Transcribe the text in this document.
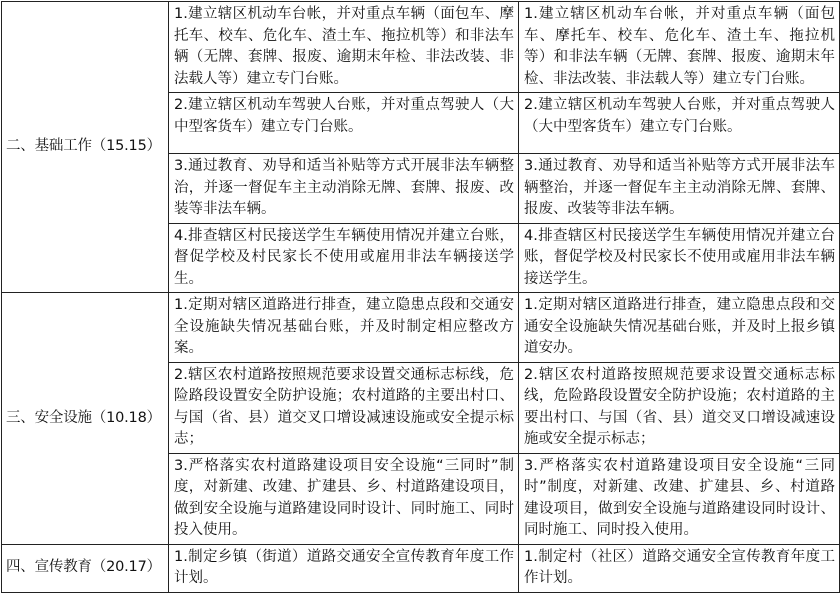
二、基础工作（15.15）	1.建立辖区机动车台帐，并对重点车辆（面包车、摩托车、校车、危化车、渣土车、拖拉机等）和非法车辆（无牌、套牌、报废、逾期末年检、非法改装、非法载人等）建立专门台账。	1.建立辖区机动车台帐，并对重点车辆（面包车、摩托车、校车、危化车、渣土车、拖拉机等）和非法车辆（无牌、套牌、报废、逾期末年检、非法改装、非法载人等）建立专门台账。
	2.建立辖区机动车驾驶人台账，并对重点驾驶人（大中型客货车）建立专门台账。	2.建立辖区机动车驾驶人台账，并对重点驾驶人（大中型客货车）建立专门台账。
	3.通过教育、劝导和适当补贴等方式开展非法车辆整治，并逐一督促车主主动消除无牌、套牌、报废、改装等非法车辆。	3.通过教育、劝导和适当补贴等方式开展非法车辆整治，并逐一督促车主主动消除无牌、套牌、报废、改装等非法车辆。
	4.排查辖区村民接送学生车辆使用情况并建立台账，督促学校及村民家长不使用或雇用非法车辆接送学生。	4.排查辖区村民接送学生车辆使用情况并建立台账，督促学校及村民家长不使用或雇用非法车辆接送学生。
三、安全设施（10.18）	1.定期对辖区道路进行排查，建立隐患点段和交通安全设施缺失情况基础台账，并及时制定相应整改方案。	1.定期对辖区道路进行排查，建立隐患点段和交通安全设施缺失情况基础台账，并及时上报乡镇道安办。
	2.辖区农村道路按照规范要求设置交通标志标线，危险路段设置安全防护设施；农村道路的主要出村口、与国（省、县）道交叉口增设减速设施或安全提示标志；	2.辖区农村道路按照规范要求设置交通标志标线，危险路段设置安全防护设施；农村道路的主要出村口、与国（省、县）道交叉口增设减速设施或安全提示标志；
	3.严格落实农村道路建设项目安全设施“三同时”制度，对新建、改建、扩建县、乡、村道路建设项目，做到安全设施与道路建设同时设计、同时施工、同时投入使用。	3.严格落实农村道路建设项目安全设施“三同时”制度，对新建、改建、扩建县、乡、村道路建设项目，做到安全设施与道路建设同时设计、同时施工、同时投入使用。
四、宣传教育（20.17）	1.制定乡镇（街道）道路交通安全宣传教育年度工作计划。	1.制定村（社区）道路交通安全宣传教育年度工作计划。
